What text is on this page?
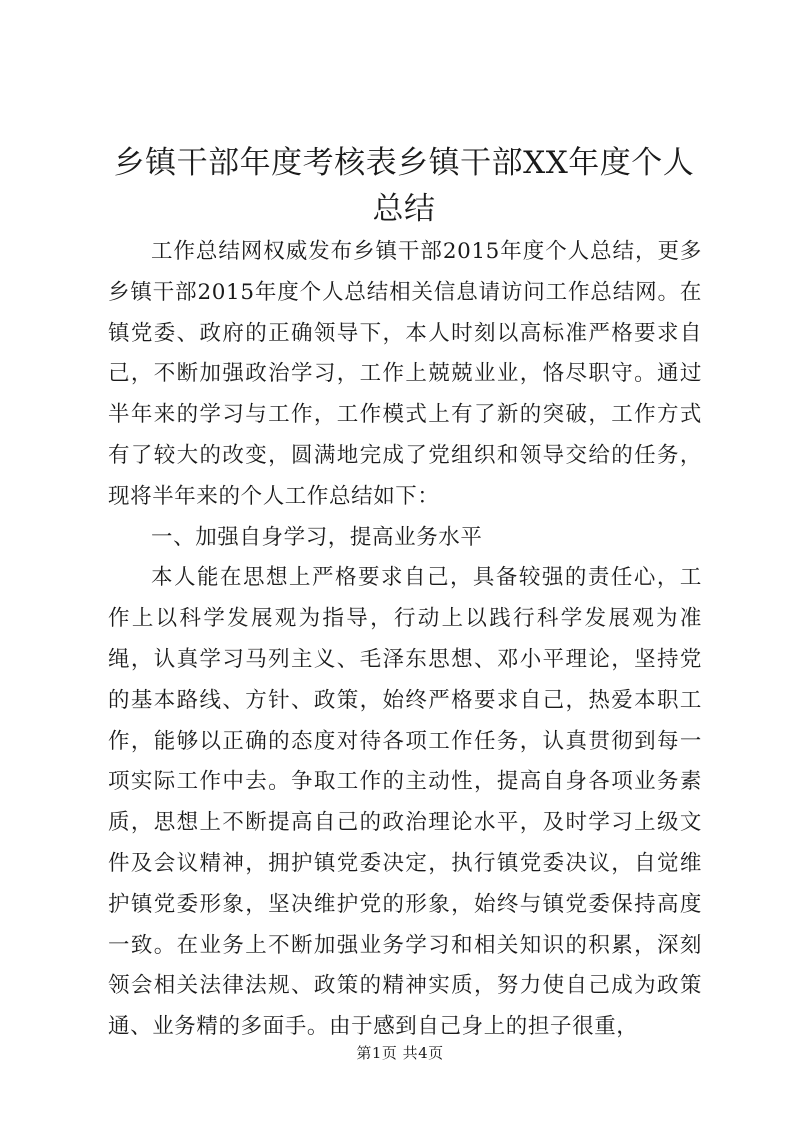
乡镇干部年度考核表乡镇干部XX年度个人总结

工作总结网权威发布乡镇干部2015年度个人总结，更多乡镇干部2015年度个人总结相关信息请访问工作总结网。在镇党委、政府的正确领导下，本人时刻以高标准严格要求自己，不断加强政治学习，工作上兢兢业业，恪尽职守。通过半年来的学习与工作，工作模式上有了新的突破，工作方式有了较大的改变，圆满地完成了党组织和领导交给的任务，现将半年来的个人工作总结如下：

一、加强自身学习，提高业务水平

本人能在思想上严格要求自己，具备较强的责任心，工作上以科学发展观为指导，行动上以践行科学发展观为准绳，认真学习马列主义、毛泽东思想、邓小平理论，坚持党的基本路线、方针、政策，始终严格要求自己，热爱本职工作，能够以正确的态度对待各项工作任务，认真贯彻到每一项实际工作中去。争取工作的主动性，提高自身各项业务素质，思想上不断提高自己的政治理论水平，及时学习上级文件及会议精神，拥护镇党委决定，执行镇党委决议，自觉维护镇党委形象，坚决维护党的形象，始终与镇党委保持高度一致。在业务上不断加强业务学习和相关知识的积累，深刻领会相关法律法规、政策的精神实质，努力使自己成为政策通、业务精的多面手。由于感到自己身上的担子很重，

第1页 共4页
